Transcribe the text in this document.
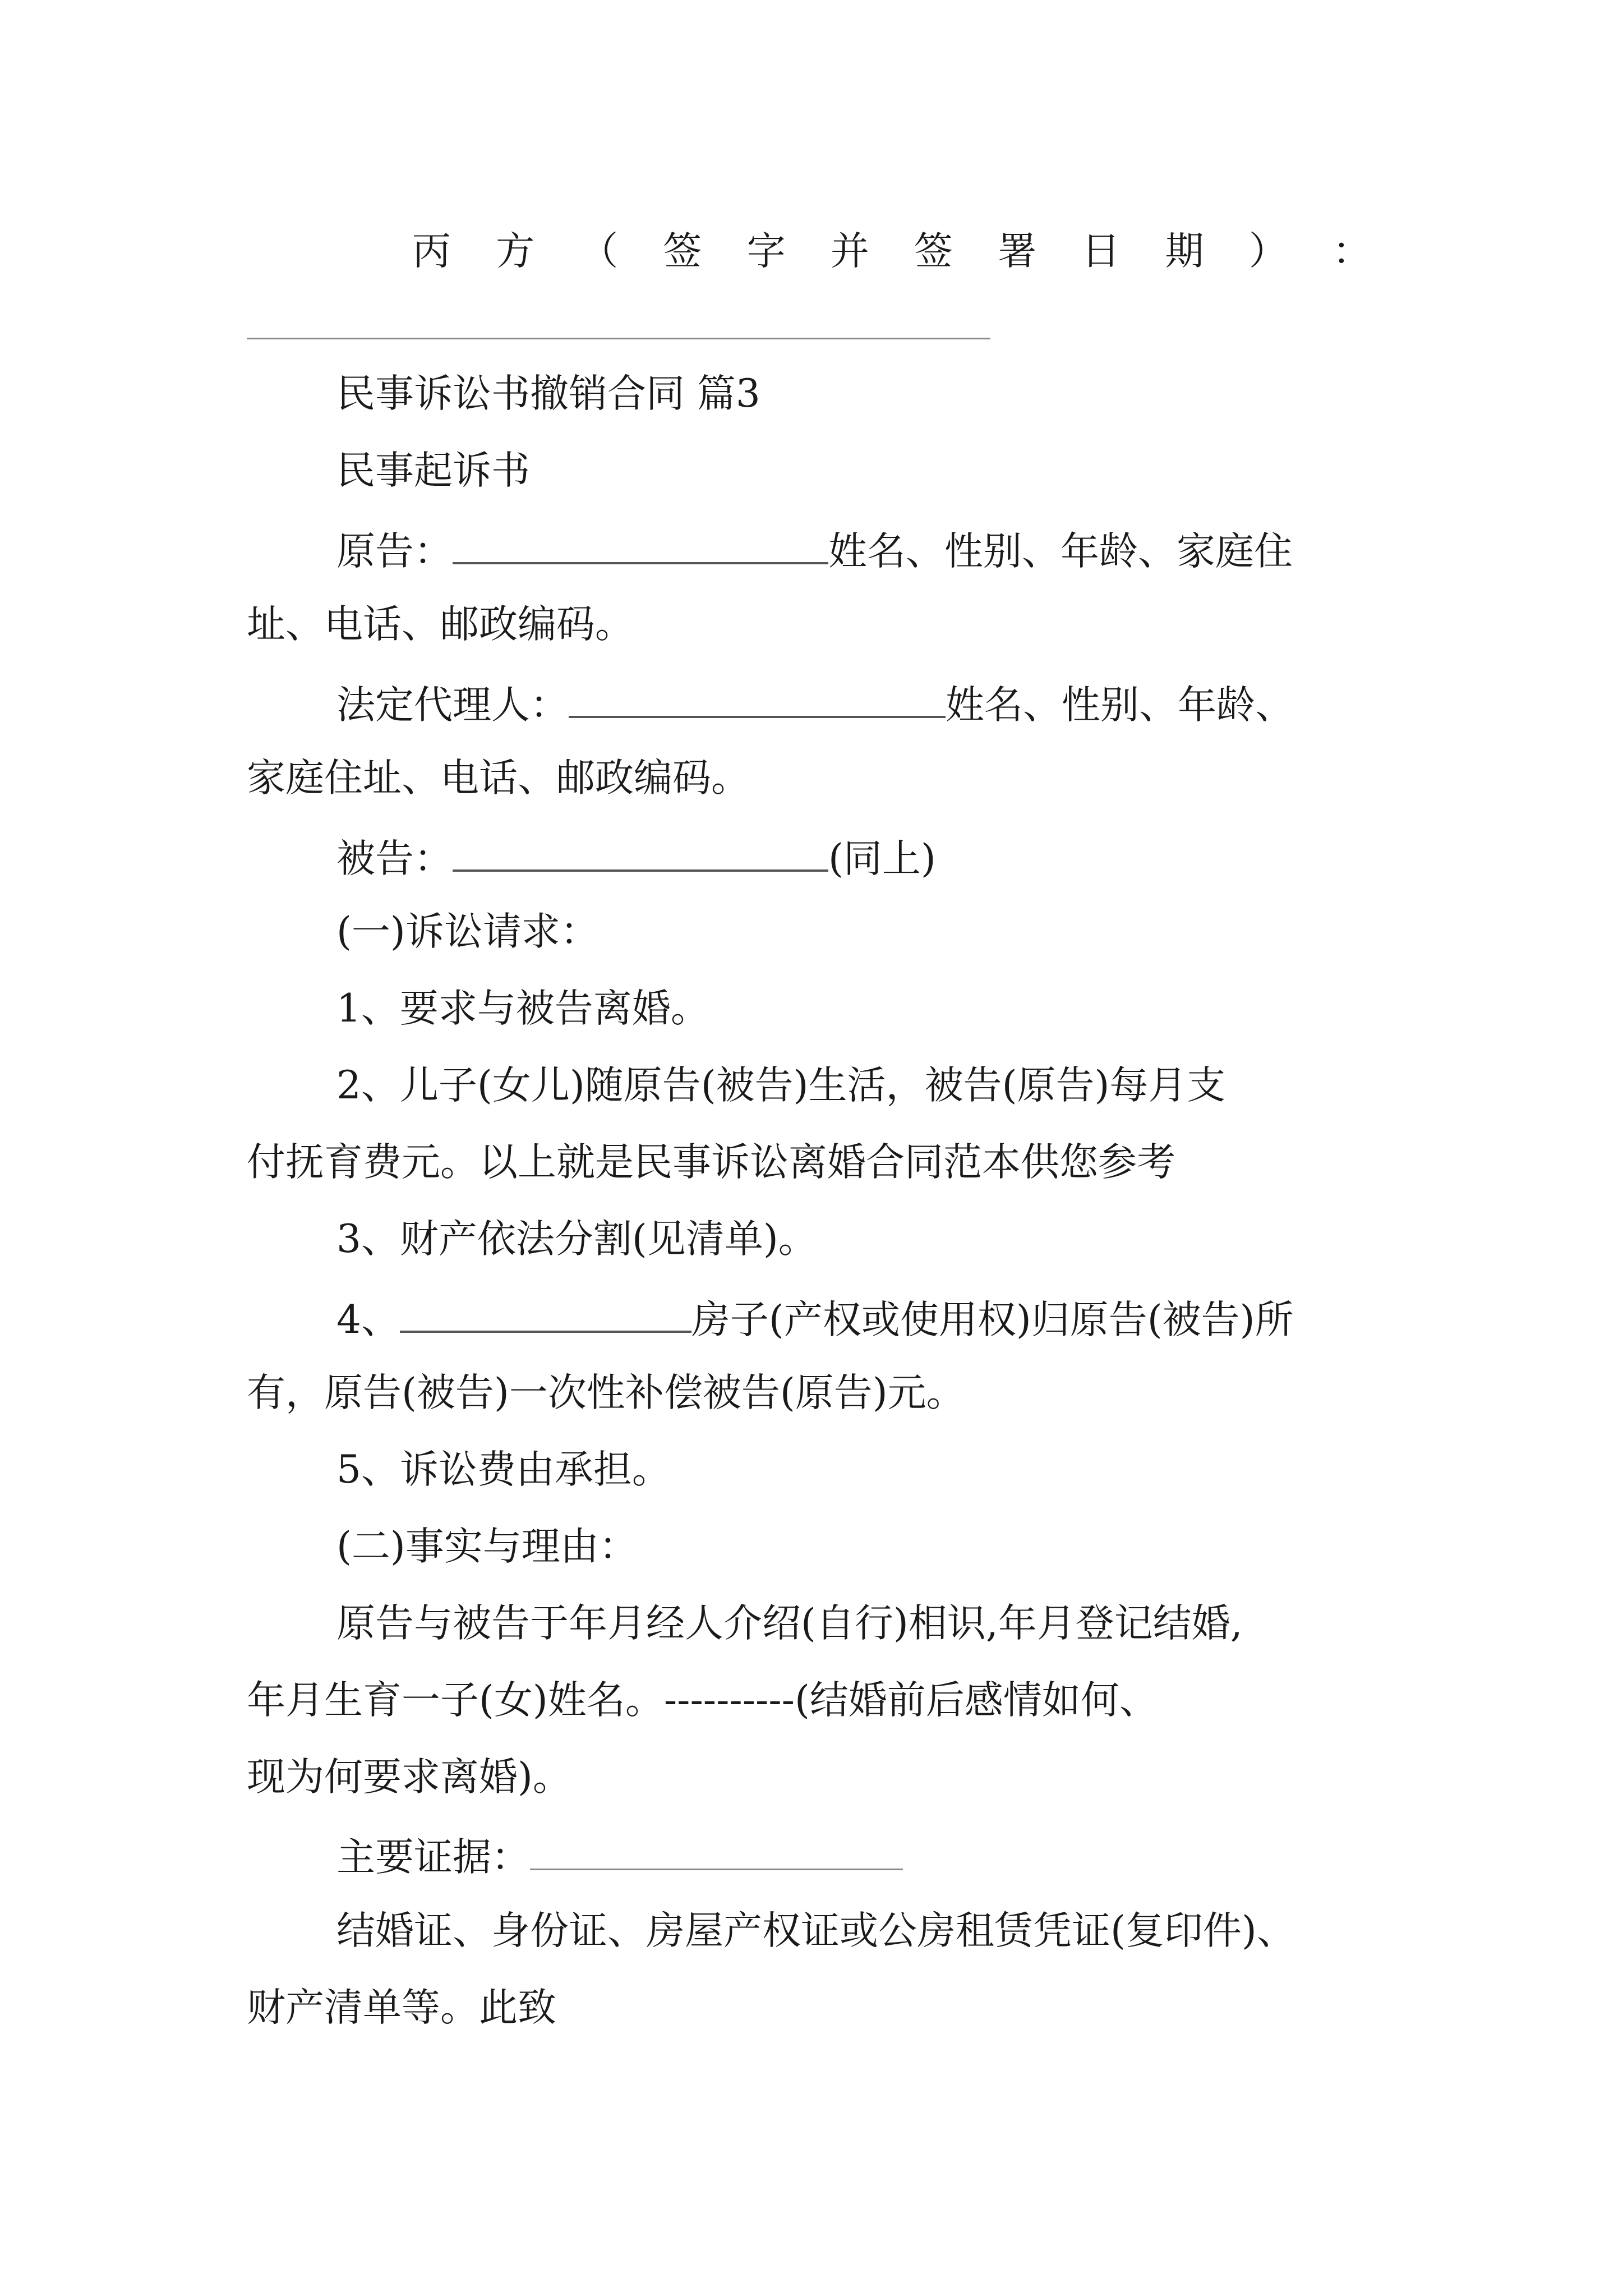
丙 方 （ 签 字 并 签 署 日 期 ） ：
民事诉讼书撤销合同 篇3
民事起诉书
原告：	姓名、性别、年龄、家庭住
址、电话、邮政编码。
法定代理人：	姓名、性别、年龄、
家庭住址、电话、邮政编码。
被告：	(同上)
(一)诉讼请求：
1、要求与被告离婚。
2、儿子(女儿)随原告(被告)生活，被告(原告)每月支
付抚育费元。以上就是民事诉讼离婚合同范本供您参考
3、财产依法分割(见清单)。
4、	房子(产权或使用权)归原告(被告)所
有，原告(被告)一次性补偿被告(原告)元。
5、诉讼费由承担。
(二)事实与理由：
原告与被告于年月经人介绍(自行)相识,年月登记结婚,
年月生育一子(女)姓名。----------(结婚前后感情如何、
现为何要求离婚)。
主要证据：
结婚证、身份证、房屋产权证或公房租赁凭证(复印件)、
财产清单等。此致
